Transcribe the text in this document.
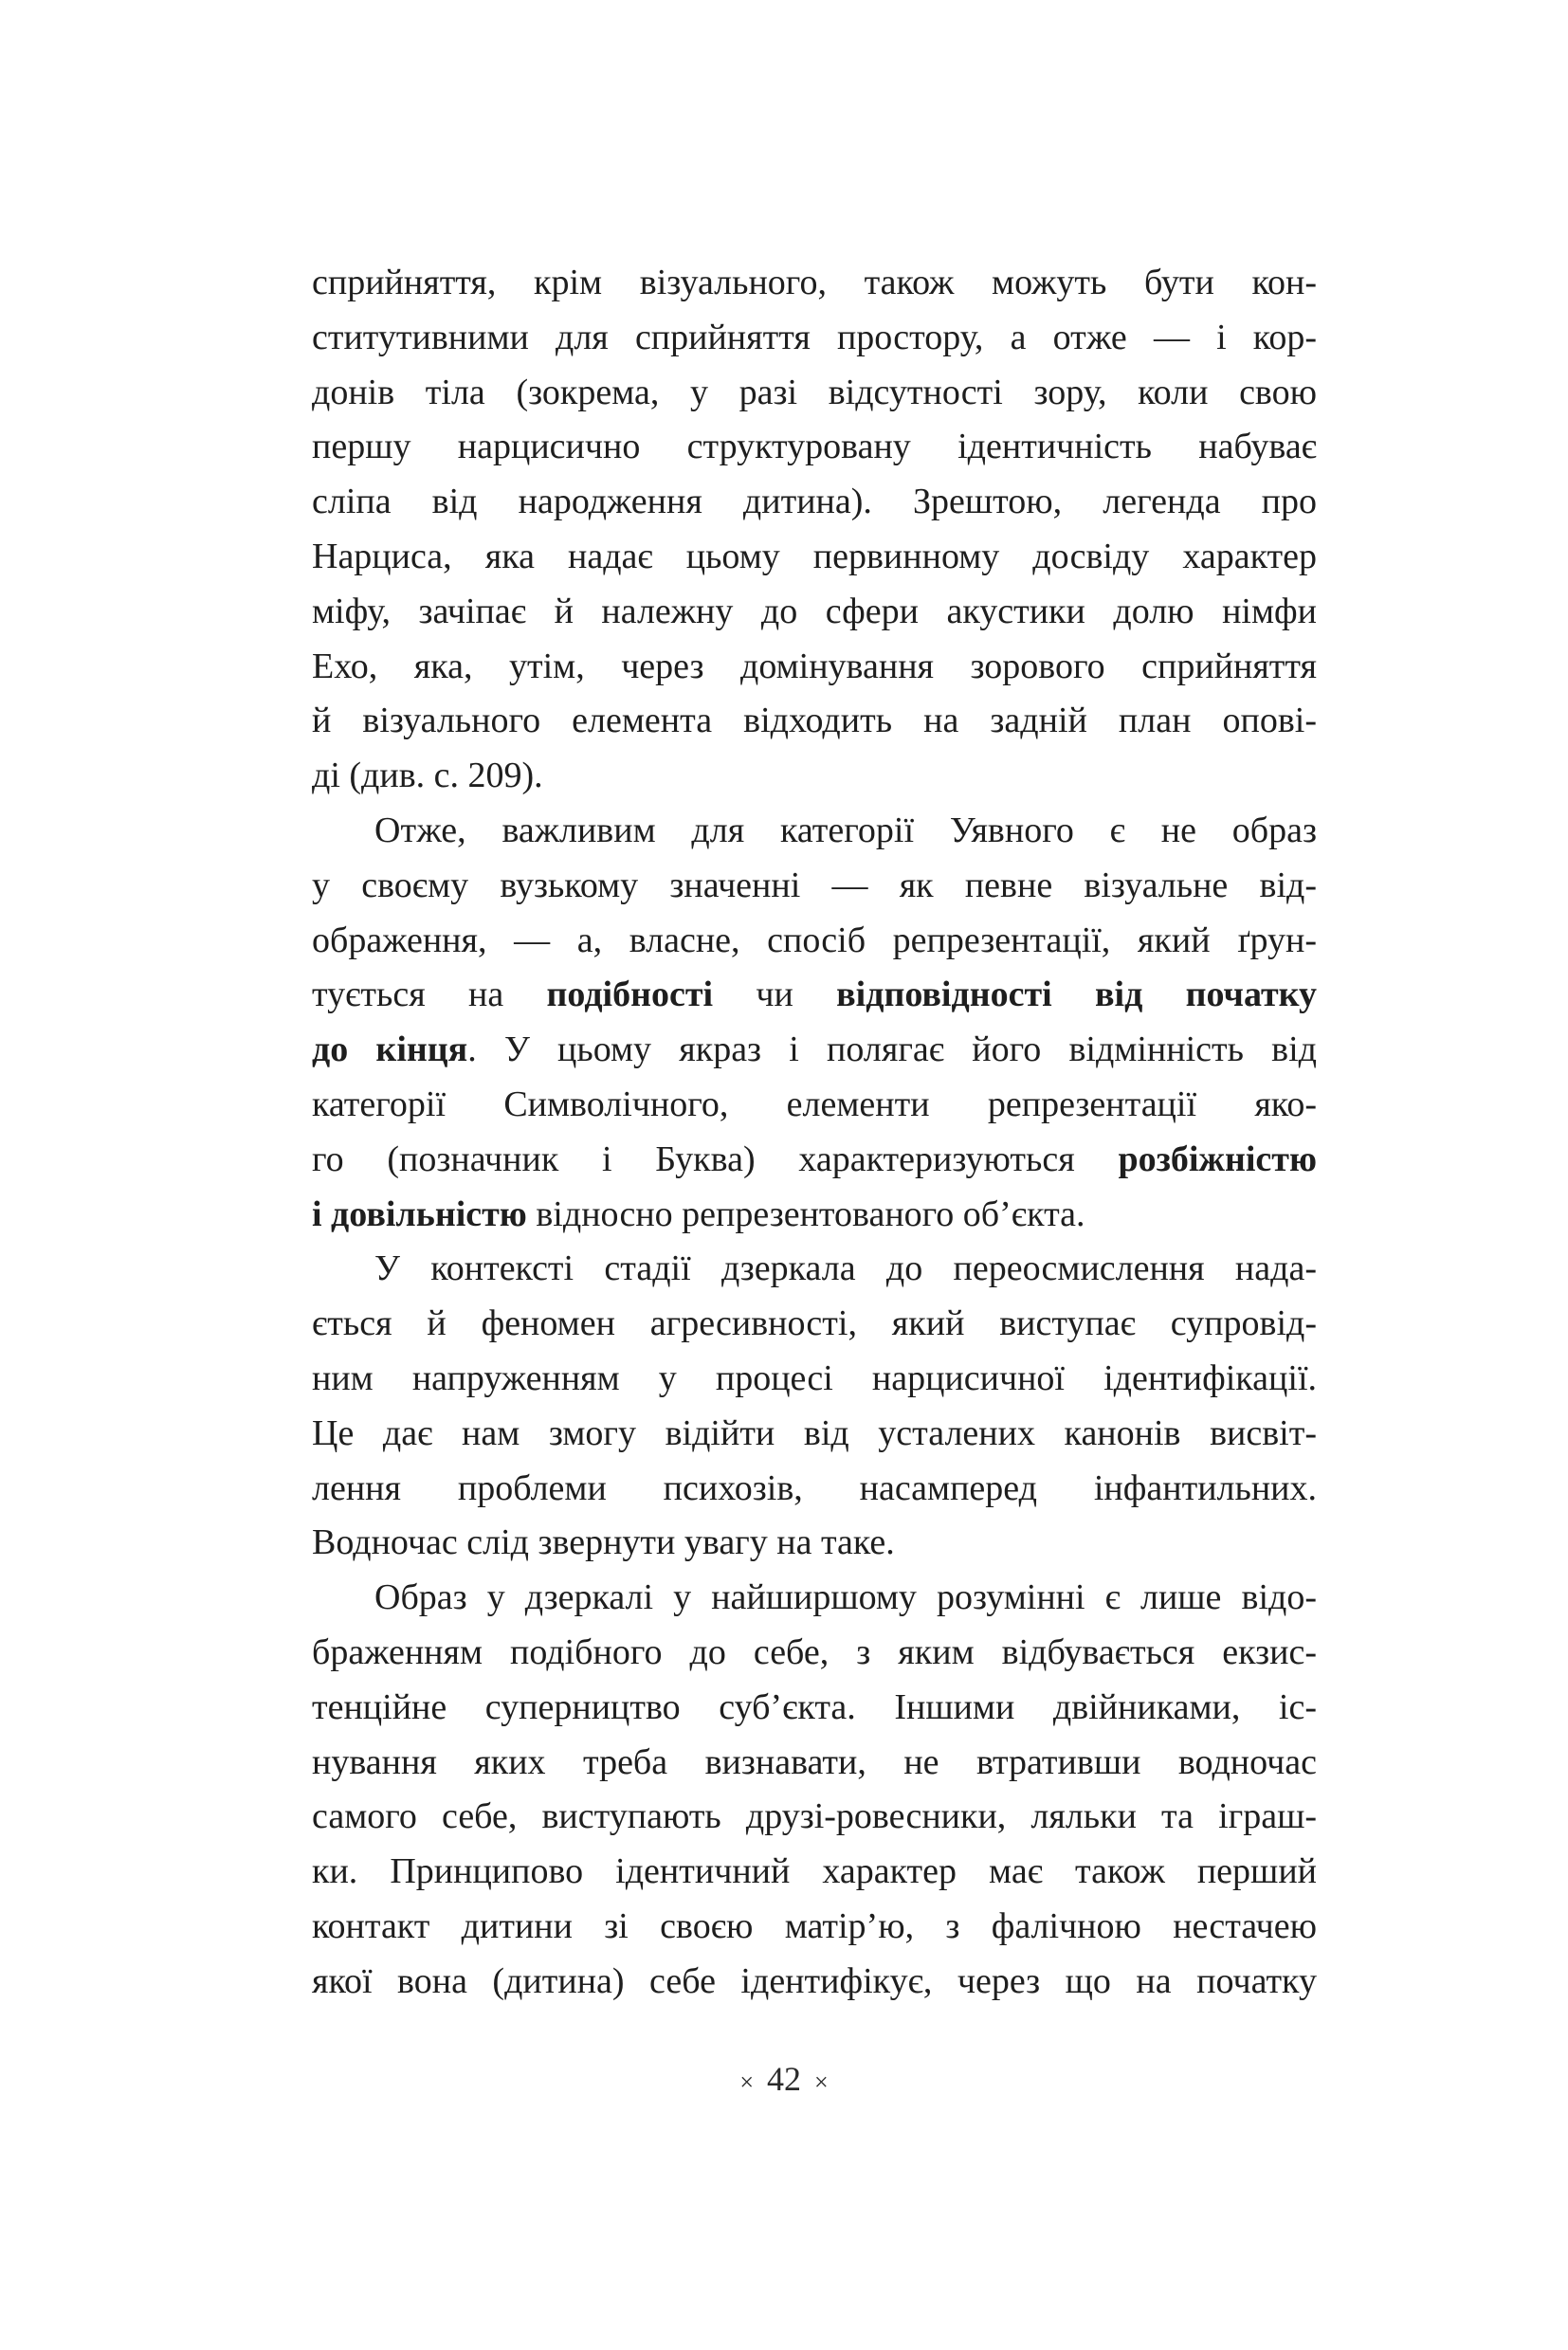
сприйняття, крім візуального, також можуть бути кон-
ститутивними для сприйняття простору, а отже — і кор-
донів тіла (зокрема, у разі відсутності зору, коли свою
першу нарцисично структуровану ідентичність набуває
сліпа від народження дитина). Зрештою, легенда про
Нарциса, яка надає цьому первинному досвіду характер
міфу, зачіпає й належну до сфери акустики долю німфи
Ехо, яка, утім, через домінування зорового сприйняття
й візуального елемента відходить на задній план опові-
ді (див. с. 209).
Отже, важливим для категорії Уявного є не образ
у своєму вузькому значенні — як певне візуальне від-
ображення, — а, власне, спосіб репрезентації, який ґрун-
тується на подібності чи відповідності від початку
до кінця. У цьому якраз і полягає його відмінність від
категорії Символічного, елементи репрезентації яко-
го (позначник і Буква) характеризуються розбіжністю
і довільністю відносно репрезентованого об’єкта.
У контексті стадії дзеркала до переосмислення нада-
ється й феномен агресивності, який виступає супровід-
ним напруженням у процесі нарцисичної ідентифікації.
Це дає нам змогу відійти від усталених канонів висвіт-
лення проблеми психозів, насамперед інфантильних.
Водночас слід звернути увагу на таке.
Образ у дзеркалі у найширшому розумінні є лише відо-
браженням подібного до себе, з яким відбувається екзис-
тенційне суперництво суб’єкта. Іншими двійниками, іс-
нування яких треба визнавати, не втративши водночас
самого себе, виступають друзі-ровесники, ляльки та іграш-
ки. Принципово ідентичний характер має також перший
контакт дитини зі своєю матір’ю, з фалічною нестачею
якої вона (дитина) себе ідентифікує, через що на початку
× 42 ×
